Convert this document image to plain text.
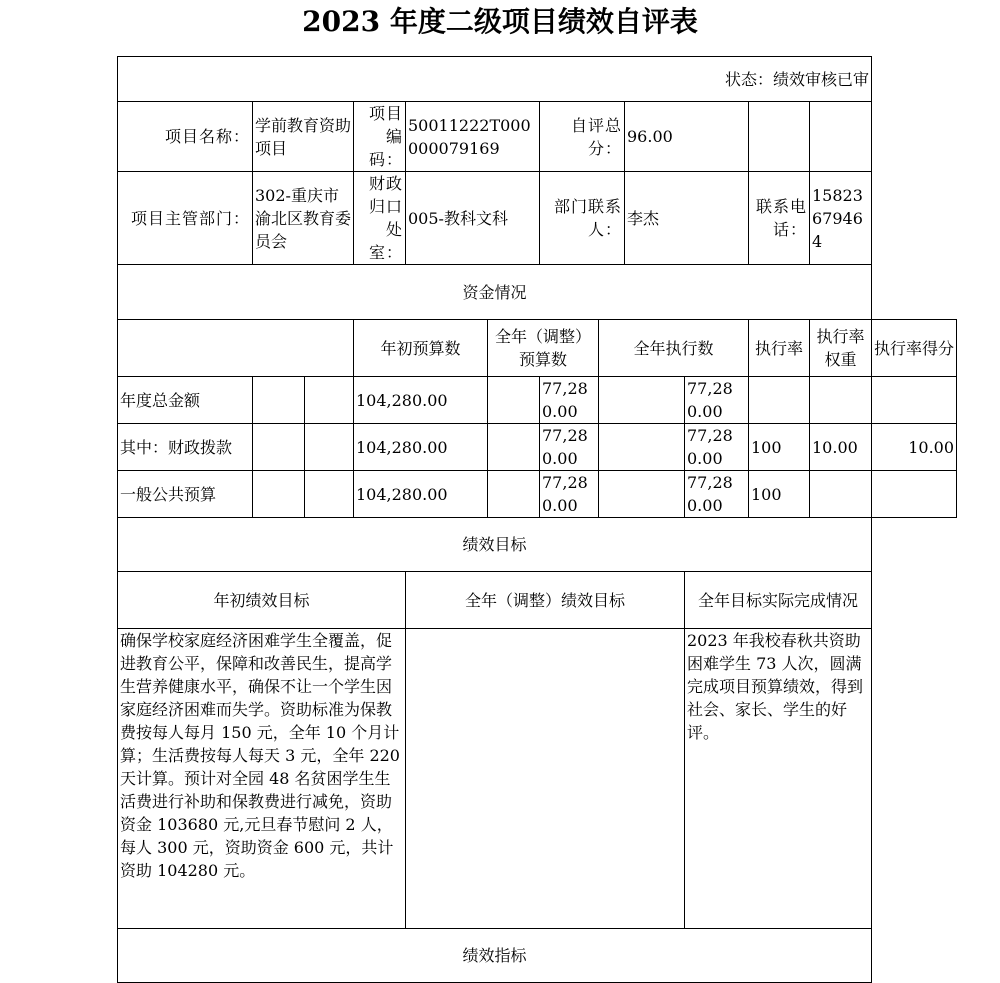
2023 年度二级项目绩效自评表
状态：绩效审核已审												
项目名称：	学前教育资助项目		项目编码：	50011222T000000079169		自评总分：		96.00				
项目主管部门：	302-重庆市渝北区教育委员会		财政归口处室：	005-教科文科		部门联系人：		李杰		联系电话：	15823679464	
资金情况												
			年初预算数		全年（调整）预算数		全年执行数			执行率	执行率权重	执行率得分
年度总金额			104,280.00			77,280.00			77,280.00			
其中：财政拨款			104,280.00			77,280.00			77,280.00	100	10.00	10.00
一般公共预算			104,280.00			77,280.00			77,280.00	100		
绩效目标												
年初绩效目标				全年（调整）绩效目标					全年目标实际完成情况			
确保学校家庭经济困难学生全覆盖，促进教育公平，保障和改善民生，提高学生营养健康水平，确保不让一个学生因家庭经济困难而失学。资助标准为保教费按每人每月 150 元，全年 10 个月计算；生活费按每人每天 3 元，全年 220 天计算。预计对全园 48 名贫困学生生活费进行补助和保教费进行减免，资助资金 103680 元,元旦春节慰问 2 人，每人 300 元，资助资金 600 元，共计资助 104280 元。									2023 年我校春秋共资助困难学生 73 人次，圆满完成项目预算绩效，得到社会、家长、学生的好评。			
绩效指标												
